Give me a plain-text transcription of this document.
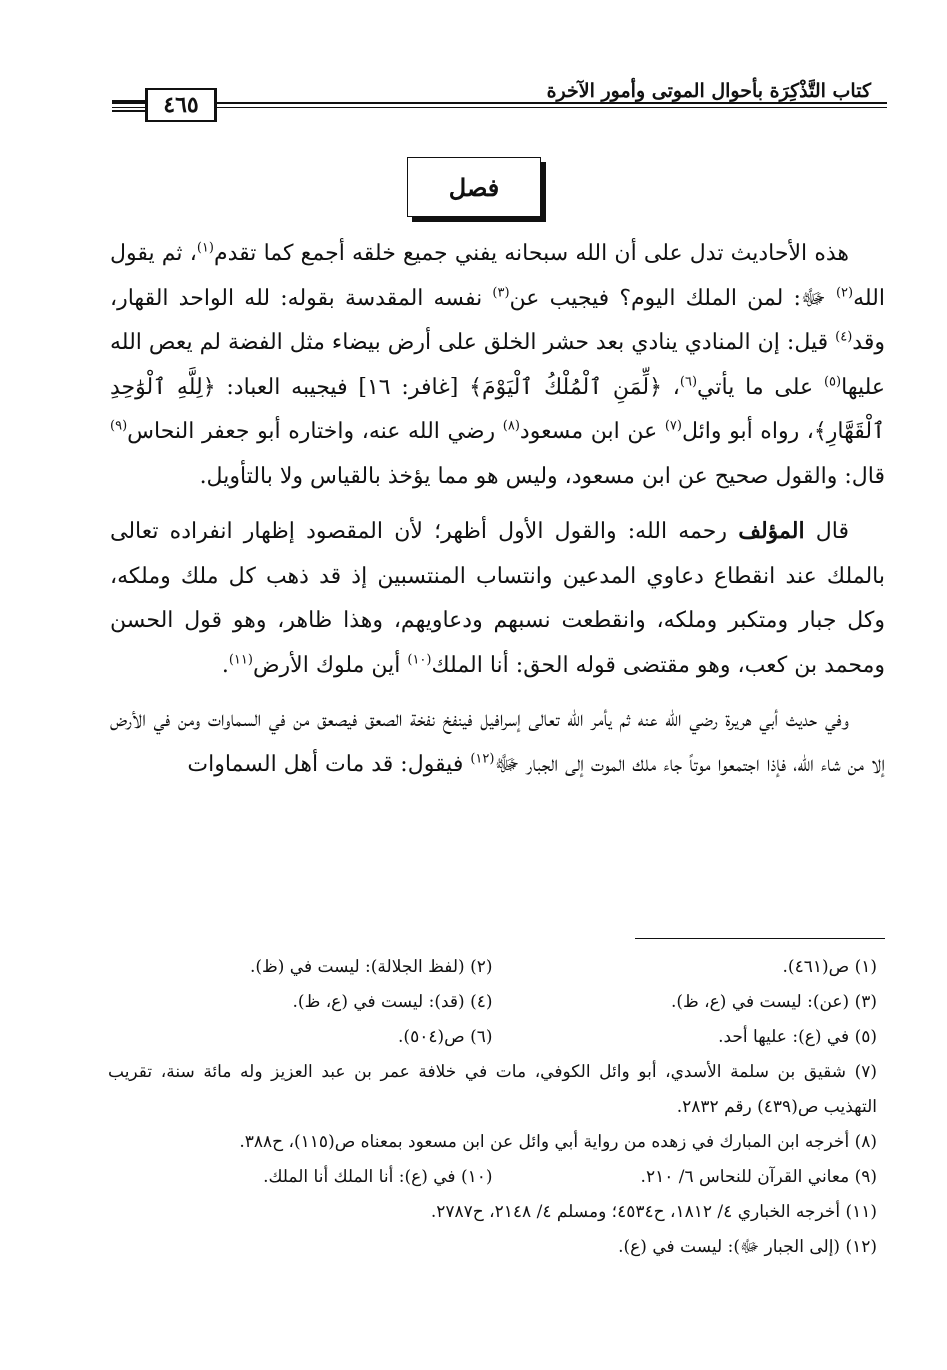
كتاب التَّذْكِرَة بأحوال الموتى وأمور الآخرة
٤٦٥
فصل

هذه الأحاديث تدل على أن الله سبحانه يفني جميع خلقه أجمع كما تقدم$^{(١)}$، ثم يقول الله$^{(٢)}$ ﷻ: لمن الملك اليوم؟ فيجيب عن$^{(٣)}$ نفسه المقدسة بقوله: لله الواحد القهار، وقد$^{(٤)}$ قيل: إن المنادي ينادي بعد حشر الخلق على أرض بيضاء مثل الفضة لم يعص الله عليها$^{(٥)}$ على ما يأتي$^{(٦)}$، ﴿لِّمَنِ ٱلْمُلْكُ ٱلْيَوْمَ﴾ [غافر: ١٦] فيجيبه العباد: ﴿لِلَّهِ ٱلْوَٰحِدِ ٱلْقَهَّارِ﴾، رواه أبو وائل$^{(٧)}$ عن ابن مسعود$^{(٨)}$ رضي الله عنه، واختاره أبو جعفر النحاس$^{(٩)}$ قال: والقول صحيح عن ابن مسعود، وليس هو مما يؤخذ بالقياس ولا بالتأويل.

قال المؤلف رحمه الله: والقول الأول أظهر؛ لأن المقصود إظهار انفراده تعالى بالملك عند انقطاع دعاوي المدعين وانتساب المنتسبين إذ قد ذهب كل ملك وملكه، وكل جبار ومتكبر وملكه، وانقطعت نسبهم ودعاويهم، وهذا ظاهر، وهو قول الحسن ومحمد بن كعب، وهو مقتضى قوله الحق: أنا الملك$^{(١٠)}$ أين ملوك الأرض$^{(١١)}$.

وفي حديث أبي هريرة رضي الله عنه ثم يأمر الله تعالى إسرافيل فينفخ نفخة الصعق فيصعق من في السماوات ومن في الأرض إلا من شاء الله، فإذا اجتمعوا موتاً جاء ملك الموت إلى الجبار ﷻ$^{(١٢)}$ فيقول: قد مات أهل السماوات

(١) ص(٤٦١).
(٢) (لفظ الجلالة): ليست في (ظ).
(٣) (عن): ليست في (ع، ظ).
(٤) (قد): ليست في (ع، ظ).
(٥) في (ع): عليها أحد.
(٦) ص(٥٠٤).
(٧) شقيق بن سلمة الأسدي، أبو وائل الكوفي، مات في خلافة عمر بن عبد العزيز وله مائة سنة، تقريب التهذيب ص(٤٣٩) رقم ٢٨٣٢.
(٨) أخرجه ابن المبارك في زهده من رواية أبي وائل عن ابن مسعود بمعناه ص(١١٥)، ح٣٨٨.
(٩) معاني القرآن للنحاس ٦/ ٢١٠.
(١٠) في (ع): أنا الملك أنا الملك.
(١١) أخرجه الخباري ٤/ ١٨١٢، ح٤٥٣٤؛ ومسلم ٤/ ٢١٤٨، ح٢٧٨٧.
(١٢) (إلى الجبار ﷻ): ليست في (ع).
